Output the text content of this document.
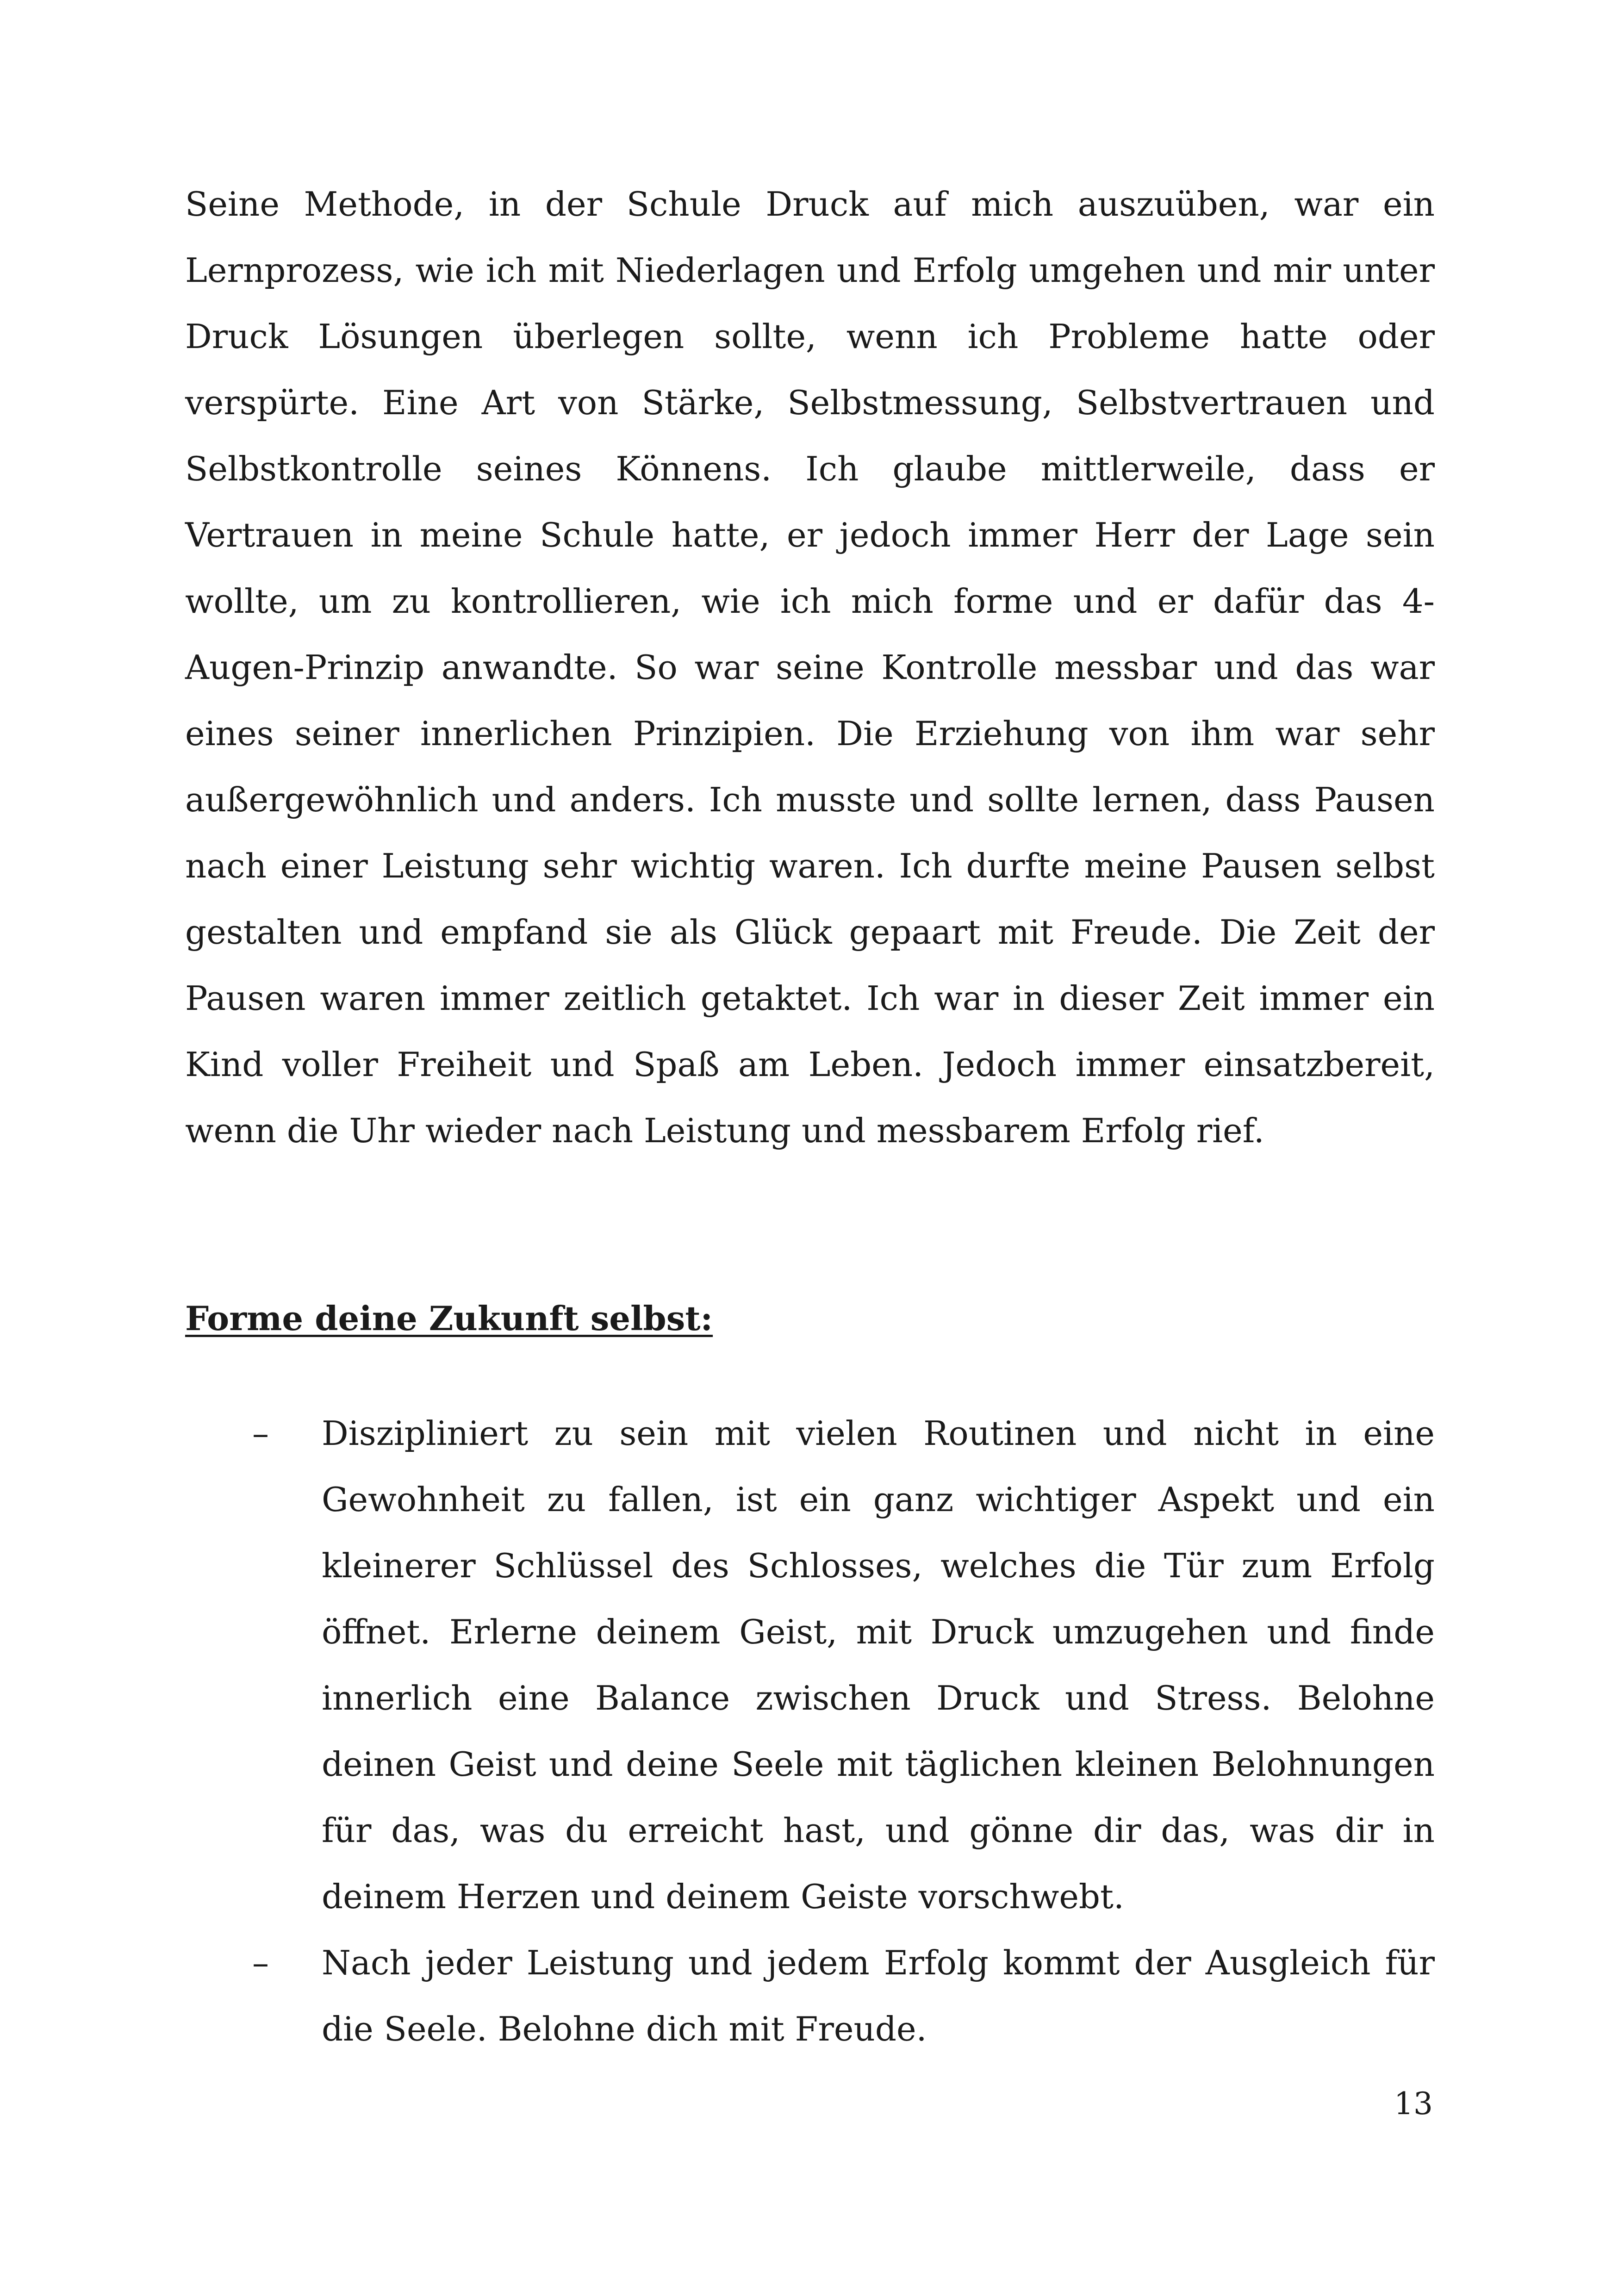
Seine Methode, in der Schule Druck auf mich auszuüben, war ein Lernprozess, wie ich mit Niederlagen und Erfolg umgehen und mir unter Druck Lösungen überlegen sollte, wenn ich Probleme hatte oder verspürte. Eine Art von Stärke, Selbstmessung, Selbstvertrauen und Selbstkontrolle seines Könnens. Ich glaube mittlerweile, dass er Vertrauen in meine Schule hatte, er jedoch immer Herr der Lage sein wollte, um zu kontrollieren, wie ich mich forme und er dafür das 4-Augen-Prinzip anwandte. So war seine Kontrolle messbar und das war eines seiner innerlichen Prinzipien. Die Erziehung von ihm war sehr außergewöhnlich und anders. Ich musste und sollte lernen, dass Pausen nach einer Leistung sehr wichtig waren. Ich durfte meine Pausen selbst gestalten und empfand sie als Glück gepaart mit Freude. Die Zeit der Pausen waren immer zeitlich getaktet. Ich war in dieser Zeit immer ein Kind voller Freiheit und Spaß am Leben. Jedoch immer einsatzbereit, wenn die Uhr wieder nach Leistung und messbarem Erfolg rief.

Forme deine Zukunft selbst:
– Diszipliniert zu sein mit vielen Routinen und nicht in eine Gewohnheit zu fallen, ist ein ganz wichtiger Aspekt und ein kleinerer Schlüssel des Schlosses, welches die Tür zum Erfolg öffnet. Erlerne deinem Geist, mit Druck umzugehen und finde innerlich eine Balance zwischen Druck und Stress. Belohne deinen Geist und deine Seele mit täglichen kleinen Belohnungen für das, was du erreicht hast, und gönne dir das, was dir in deinem Herzen und deinem Geiste vorschwebt.
– Nach jeder Leistung und jedem Erfolg kommt der Ausgleich für die Seele. Belohne dich mit Freude.
13
